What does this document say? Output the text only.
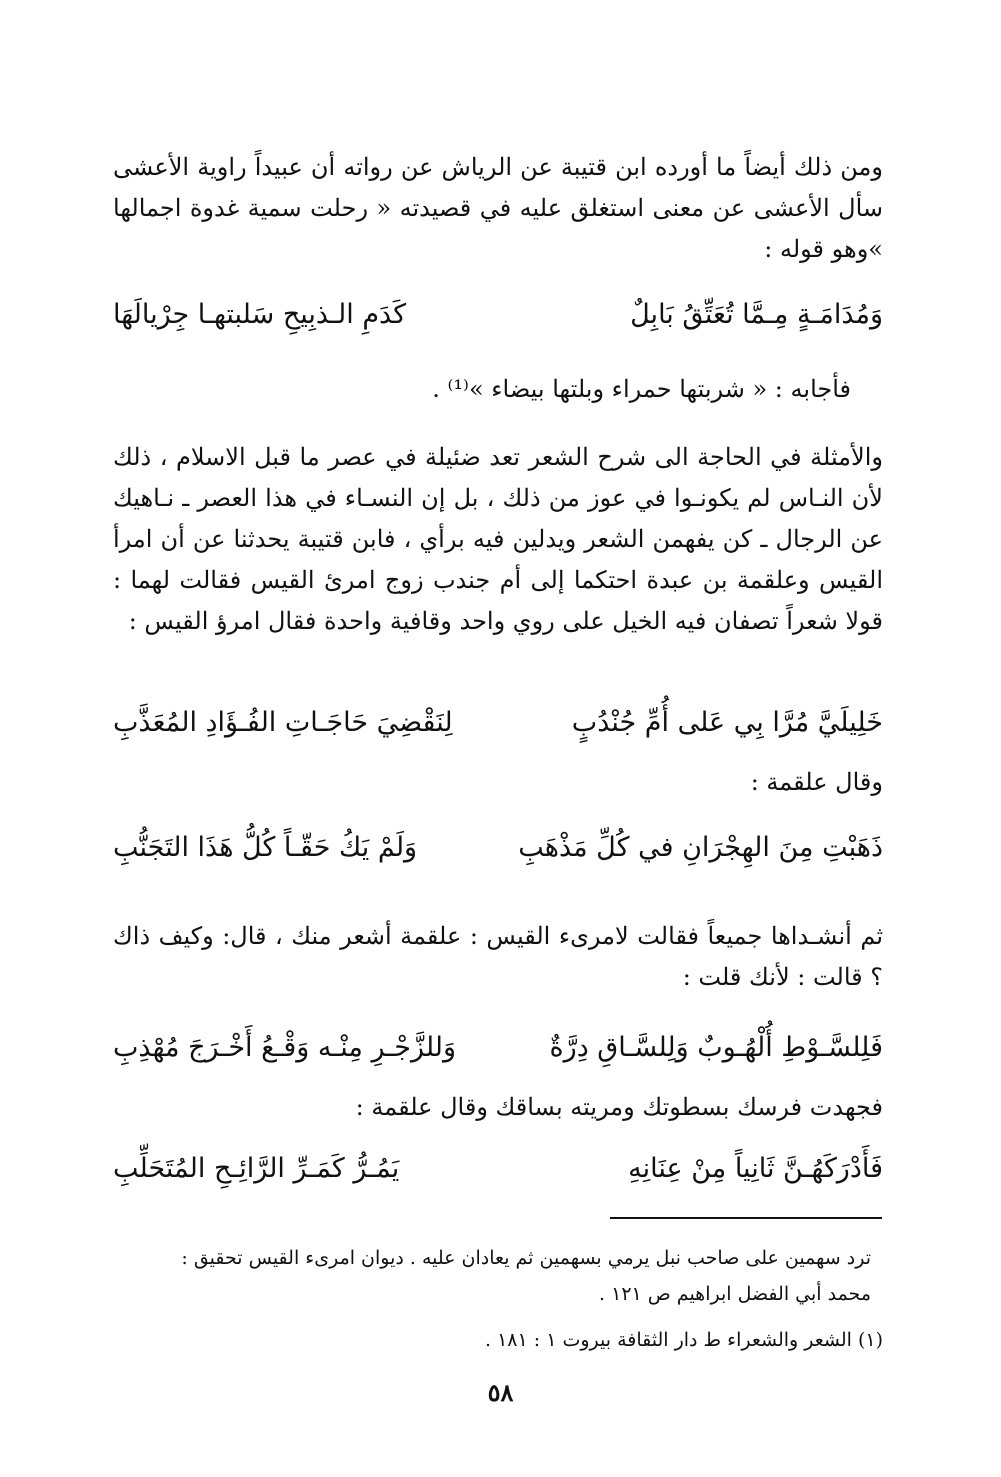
ومن ذلك أيضاً ما أورده ابن قتيبة عن الرياش عن رواته أن عبيداً راوية الأعشى سأل الأعشى عن معنى استغلق عليه في قصيدته « رحلت سمية غدوة اجمالها »وهو قوله :
وَمُدَامَـةٍ مِـمَّا تُعَتِّقُ بَابِلٌ
كَدَمِ الـذبِيحِ سَلبتهـا جِرْيالَهَا
فأجابه : « شربتها حمراء وبلتها بيضاء »⁽¹⁾ .
والأمثلة في الحاجة الى شرح الشعر تعد ضئيلة في عصر ما قبل الاسلام ، ذلك لأن النـاس لم يكونـوا في عوز من ذلك ، بل إن النسـاء في هذا العصر ـ نـاهيك عن الرجال ـ كن يفهمن الشعر ويدلين فيه برأي ، فابن قتيبة يحدثنا عن أن امرأ القيس وعلقمة بن عبدة احتكما إلى أم جندب زوج امرئ القيس فقالت لهما : قولا شعراً تصفان فيه الخيل على روي واحد وقافية واحدة فقال امرؤ القيس :
خَلِيلَيَّ مُرَّا بِي عَلى أُمِّ جُنْدُبٍ
لِنَقْضِيَ حَاجَـاتِ الفُـؤَادِ المُعَذَّبِ
وقال علقمة :
ذَهَبْتِ مِنَ الهِجْرَانِ في كُلِّ مَذْهَبِ
وَلَمْ يَكُ حَقّـاً كُلُّ هَذَا التَجَنُّبِ
ثم أنشـداها جميعاً فقالت لامرىء القيس : علقمة أشعر منك ، قال: وكيف ذاك ؟ قالت : لأنك قلت :
فَلِلسَّـوْطِ أُلْهُـوبٌ وَلِلسَّـاقِ دِرَّةٌ
وَللزَّجْـرِ مِنْـه وَقْـعُ أَخْـرَجَ مُهْذِبِ
فجهدت فرسك بسطوتك ومريته بساقك وقال علقمة :
فَأَدْرَكَهُـنَّ ثَانِياً مِنْ عِنَانِهِ
يَمُـرُّ كَمَـرِّ الرَّائِـحِ المُتَحَلِّبِ
ترد سهمين على صاحب نبل يرمي بسهمين ثم يعادان عليه . ديوان امرىء القيس تحقيق :
محمد أبي الفضل ابراهيم ص ١٢١ .
(١) الشعر والشعراء ط دار الثقافة بيروت ١ : ١٨١ .
٥٨
